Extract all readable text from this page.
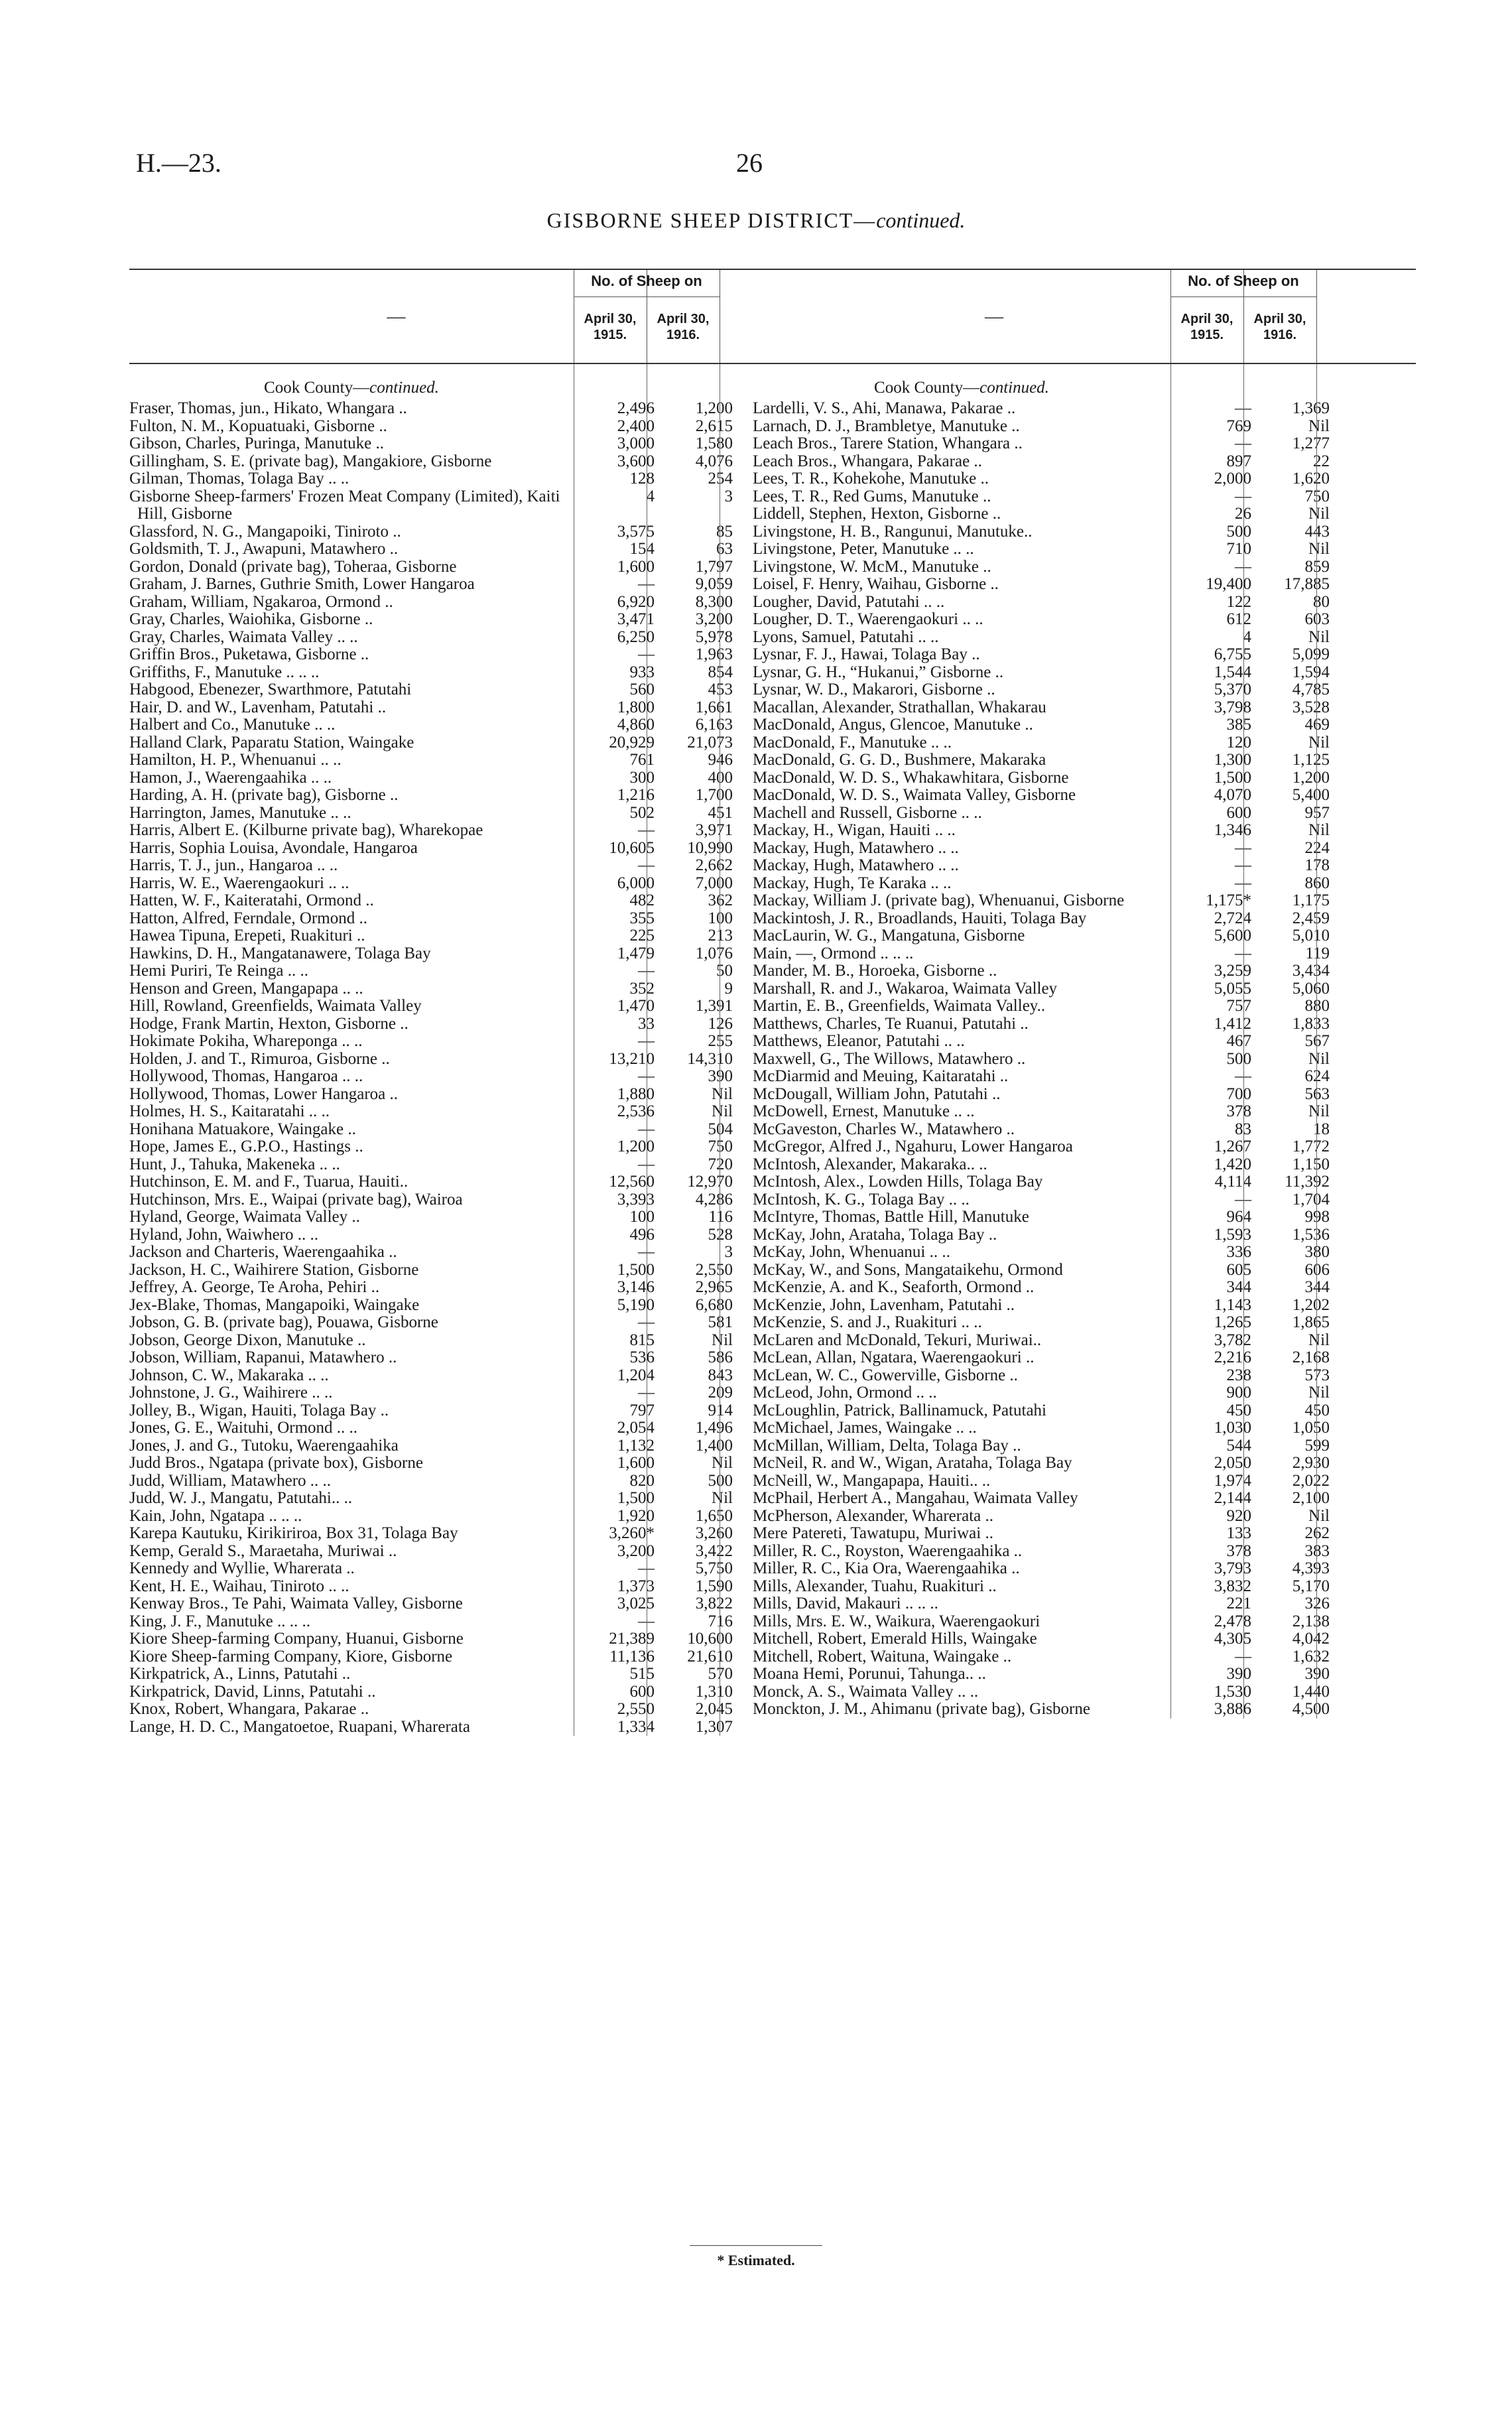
H.—23.	26
GISBORNE SHEEP DISTRICT—continued.
—
No. of Sheep on
April 30, 1915.
April 30, 1916.
Cook County—continued.
Fraser, Thomas, jun., Hikato, Whangara ..	2,496	1,200
Fulton, N. M., Kopuatuaki, Gisborne ..	2,400	2,615
Gibson, Charles, Puringa, Manutuke ..	3,000	1,580
Gillingham, S. E. (private bag), Mangakiore, Gisborne	3,600	4,076
Gilman, Thomas, Tolaga Bay .. ..	128	254
Gisborne Sheep-farmers' Frozen Meat Company (Limited), Kaiti Hill, Gisborne
4	3
Glassford, N. G., Mangapoiki, Tiniroto ..	3,575	85
Goldsmith, T. J., Awapuni, Matawhero ..	154	63
Gordon, Donald (private bag), Toheraa, Gisborne	1,600	1,797
Graham, J. Barnes, Guthrie Smith, Lower Hangaroa	—	9,059
Graham, William, Ngakaroa, Ormond ..	6,920	8,300
Gray, Charles, Waiohika, Gisborne ..	3,471	3,200
Gray, Charles, Waimata Valley .. ..	6,250	5,978
Griffin Bros., Puketawa, Gisborne ..	—	1,963
Griffiths, F., Manutuke .. .. ..	933	854
Habgood, Ebenezer, Swarthmore, Patutahi	560	453
Hair, D. and W., Lavenham, Patutahi ..	1,800	1,661
Halbert and Co., Manutuke .. ..	4,860	6,163
Halland Clark, Paparatu Station, Waingake	20,929	21,073
Hamilton, H. P., Whenuanui .. ..	761	946
Hamon, J., Waerengaahika .. ..	300	400
Harding, A. H. (private bag), Gisborne ..	1,216	1,700
Harrington, James, Manutuke .. ..	502	451
Harris, Albert E. (Kilburne private bag), Wharekopae	—	3,971
Harris, Sophia Louisa, Avondale, Hangaroa	10,605	10,990
Harris, T. J., jun., Hangaroa .. ..	—	2,662
Harris, W. E., Waerengaokuri .. ..	6,000	7,000
Hatten, W. F., Kaiteratahi, Ormond ..	482	362
Hatton, Alfred, Ferndale, Ormond ..	355	100
Hawea Tipuna, Erepeti, Ruakituri ..	225	213
Hawkins, D. H., Mangatanawere, Tolaga Bay	1,479	1,076
Hemi Puriri, Te Reinga .. ..	—	50
Henson and Green, Mangapapa .. ..	352	9
Hill, Rowland, Greenfields, Waimata Valley	1,470	1,391
Hodge, Frank Martin, Hexton, Gisborne ..	33	126
Hokimate Pokiha, Whareponga .. ..	—	255
Holden, J. and T., Rimuroa, Gisborne ..	13,210	14,310
Hollywood, Thomas, Hangaroa .. ..	—	390
Hollywood, Thomas, Lower Hangaroa ..	1,880	Nil
Holmes, H. S., Kaitaratahi .. ..	2,536	Nil
Honihana Matuakore, Waingake ..	—	504
Hope, James E., G.P.O., Hastings ..	1,200	750
Hunt, J., Tahuka, Makeneka .. ..	—	720
Hutchinson, E. M. and F., Tuarua, Hauiti..	12,560	12,970
Hutchinson, Mrs. E., Waipai (private bag), Wairoa	3,393	4,286
Hyland, George, Waimata Valley ..	100	116
Hyland, John, Waiwhero .. ..	496	528
Jackson and Charteris, Waerengaahika ..	—	3
Jackson, H. C., Waihirere Station, Gisborne	1,500	2,550
Jeffrey, A. George, Te Aroha, Pehiri ..	3,146	2,965
Jex-Blake, Thomas, Mangapoiki, Waingake	5,190	6,680
Jobson, G. B. (private bag), Pouawa, Gisborne	—	581
Jobson, George Dixon, Manutuke ..	815	Nil
Jobson, William, Rapanui, Matawhero ..	536	586
Johnson, C. W., Makaraka .. ..	1,204	843
Johnstone, J. G., Waihirere .. ..	—	209
Jolley, B., Wigan, Hauiti, Tolaga Bay ..	797	914
Jones, G. E., Waituhi, Ormond .. ..	2,054	1,496
Jones, J. and G., Tutoku, Waerengaahika	1,132	1,400
Judd Bros., Ngatapa (private box), Gisborne	1,600	Nil
Judd, William, Matawhero .. ..	820	500
Judd, W. J., Mangatu, Patutahi.. ..	1,500	Nil
Kain, John, Ngatapa .. .. ..	1,920	1,650
Karepa Kautuku, Kirikiriroa, Box 31, Tolaga Bay	3,260*	3,260
Kemp, Gerald S., Maraetaha, Muriwai ..	3,200	3,422
Kennedy and Wyllie, Wharerata ..	—	5,750
Kent, H. E., Waihau, Tiniroto .. ..	1,373	1,590
Kenway Bros., Te Pahi, Waimata Valley, Gisborne	3,025	3,822
King, J. F., Manutuke .. .. ..	—	716
Kiore Sheep-farming Company, Huanui, Gisborne	21,389	10,600
Kiore Sheep-farming Company, Kiore, Gisborne	11,136	21,610
Kirkpatrick, A., Linns, Patutahi ..	515	570
Kirkpatrick, David, Linns, Patutahi ..	600	1,310
Knox, Robert, Whangara, Pakarae ..	2,550	2,045
Lange, H. D. C., Mangatoetoe, Ruapani, Wharerata	1,334	1,307
—
No. of Sheep on
April 30, 1915.
April 30, 1916.
Cook County—continued.
Lardelli, V. S., Ahi, Manawa, Pakarae ..	—	1,369
Larnach, D. J., Brambletye, Manutuke ..	769	Nil
Leach Bros., Tarere Station, Whangara ..	—	1,277
Leach Bros., Whangara, Pakarae ..	897	22
Lees, T. R., Kohekohe, Manutuke ..	2,000	1,620
Lees, T. R., Red Gums, Manutuke ..	—	750
Liddell, Stephen, Hexton, Gisborne ..	26	Nil
Livingstone, H. B., Rangunui, Manutuke..	500	443
Livingstone, Peter, Manutuke .. ..	710	Nil
Livingstone, W. McM., Manutuke ..	—	859
Loisel, F. Henry, Waihau, Gisborne ..	19,400	17,885
Lougher, David, Patutahi .. ..	122	80
Lougher, D. T., Waerengaokuri .. ..	612	603
Lyons, Samuel, Patutahi .. ..	4	Nil
Lysnar, F. J., Hawai, Tolaga Bay ..	6,755	5,099
Lysnar, G. H., “Hukanui,” Gisborne ..	1,544	1,594
Lysnar, W. D., Makarori, Gisborne ..	5,370	4,785
Macallan, Alexander, Strathallan, Whakarau	3,798	3,528
MacDonald, Angus, Glencoe, Manutuke ..	385	469
MacDonald, F., Manutuke .. ..	120	Nil
MacDonald, G. G. D., Bushmere, Makaraka	1,300	1,125
MacDonald, W. D. S., Whakawhitara, Gisborne	1,500	1,200
MacDonald, W. D. S., Waimata Valley, Gisborne	4,070	5,400
Machell and Russell, Gisborne .. ..	600	957
Mackay, H., Wigan, Hauiti .. ..	1,346	Nil
Mackay, Hugh, Matawhero .. ..	—	224
Mackay, Hugh, Matawhero .. ..	—	178
Mackay, Hugh, Te Karaka .. ..	—	860
Mackay, William J. (private bag), Whenuanui, Gisborne	1,175*	1,175
Mackintosh, J. R., Broadlands, Hauiti, Tolaga Bay	2,724	2,459
MacLaurin, W. G., Mangatuna, Gisborne	5,600	5,010
Main, —, Ormond .. .. ..	—	119
Mander, M. B., Horoeka, Gisborne ..	3,259	3,434
Marshall, R. and J., Wakaroa, Waimata Valley	5,055	5,060
Martin, E. B., Greenfields, Waimata Valley..	757	880
Matthews, Charles, Te Ruanui, Patutahi ..	1,412	1,833
Matthews, Eleanor, Patutahi .. ..	467	567
Maxwell, G., The Willows, Matawhero ..	500	Nil
McDiarmid and Meuing, Kaitaratahi ..	—	624
McDougall, William John, Patutahi ..	700	563
McDowell, Ernest, Manutuke .. ..	378	Nil
McGaveston, Charles W., Matawhero ..	83	18
McGregor, Alfred J., Ngahuru, Lower Hangaroa	1,267	1,772
McIntosh, Alexander, Makaraka.. ..	1,420	1,150
McIntosh, Alex., Lowden Hills, Tolaga Bay	4,114	11,392
McIntosh, K. G., Tolaga Bay .. ..	—	1,704
McIntyre, Thomas, Battle Hill, Manutuke	964	998
McKay, John, Arataha, Tolaga Bay ..	1,593	1,536
McKay, John, Whenuanui .. ..	336	380
McKay, W., and Sons, Mangataikehu, Ormond	605	606
McKenzie, A. and K., Seaforth, Ormond ..	344	344
McKenzie, John, Lavenham, Patutahi ..	1,143	1,202
McKenzie, S. and J., Ruakituri .. ..	1,265	1,865
McLaren and McDonald, Tekuri, Muriwai..	3,782	Nil
McLean, Allan, Ngatara, Waerengaokuri ..	2,216	2,168
McLean, W. C., Gowerville, Gisborne ..	238	573
McLeod, John, Ormond .. ..	900	Nil
McLoughlin, Patrick, Ballinamuck, Patutahi	450	450
McMichael, James, Waingake .. ..	1,030	1,050
McMillan, William, Delta, Tolaga Bay ..	544	599
McNeil, R. and W., Wigan, Arataha, Tolaga Bay	2,050	2,930
McNeill, W., Mangapapa, Hauiti.. ..	1,974	2,022
McPhail, Herbert A., Mangahau, Waimata Valley	2,144	2,100
McPherson, Alexander, Wharerata ..	920	Nil
Mere Patereti, Tawatupu, Muriwai ..	133	262
Miller, R. C., Royston, Waerengaahika ..	378	383
Miller, R. C., Kia Ora, Waerengaahika ..	3,793	4,393
Mills, Alexander, Tuahu, Ruakituri ..	3,832	5,170
Mills, David, Makauri .. .. ..	221	326
Mills, Mrs. E. W., Waikura, Waerengaokuri	2,478	2,138
Mitchell, Robert, Emerald Hills, Waingake	4,305	4,042
Mitchell, Robert, Waituna, Waingake ..	—	1,632
Moana Hemi, Porunui, Tahunga.. ..	390	390
Monck, A. S., Waimata Valley .. ..	1,530	1,440
Monckton, J. M., Ahimanu (private bag), Gisborne	3,886	4,500
* Estimated.
